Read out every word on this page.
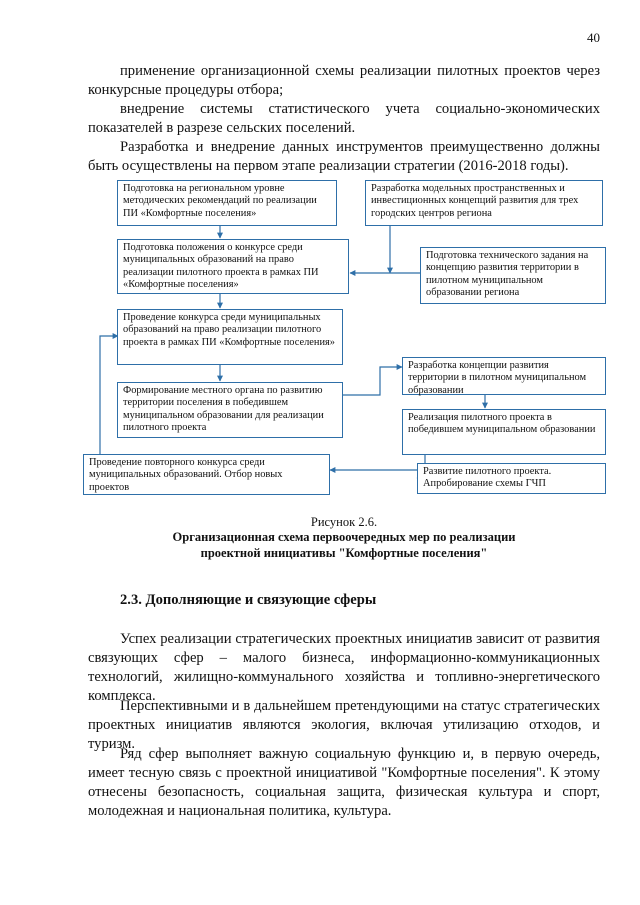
40

применение организационной схемы реализации пилотных проектов через конкурсные процедуры отбора;

внедрение системы статистического учета социально-экономических показателей в разрезе сельских поселений.

Разработка и внедрение данных инструментов преимущественно должны быть осуществлены на первом этапе реализации стратегии (2016-2018 годы).

Подготовка на региональном уровне методических рекомендаций по реализации ПИ «Комфортные поселения»
Разработка модельных пространственных и инвестиционных концепций развития для трех городских центров региона
Подготовка положения о конкурсе среди муниципальных образований на право реализации пилотного проекта в рамках ПИ «Комфортные поселения»
Подготовка технического задания на концепцию развития территории в пилотном муниципальном образовании региона
Проведение конкурса среди муниципальных образований на право реализации пилотного проекта в рамках ПИ «Комфортные поселения»
Разработка концепции развития территории в пилотном муниципальном образовании
Формирование местного органа по развитию территории поселения в победившем муниципальном образовании для реализации пилотного проекта
Реализация пилотного проекта в победившем муниципальном образовании
Проведение повторного конкурса среди муниципальных образований. Отбор новых проектов
Развитие пилотного проекта. Апробирование схемы ГЧП
Рисунок 2.6.
Организационная схема первоочередных мер по реализации
проектной инициативы "Комфортные поселения"
2.3. Дополняющие и связующие сферы

Успех реализации стратегических проектных инициатив зависит от развития связующих сфер – малого бизнеса, информационно-коммуникационных технологий, жилищно-коммунального хозяйства и топливно-энергетического комплекса.

Перспективными и в дальнейшем претендующими на статус стратегических проектных инициатив являются экология, включая утилизацию отходов, и туризм.

Ряд сфер выполняет важную социальную функцию и, в первую очередь, имеет тесную связь с проектной инициативой "Комфортные поселения". К этому отнесены безопасность, социальная защита, физическая культура и спорт, молодежная и национальная политика, культура.
